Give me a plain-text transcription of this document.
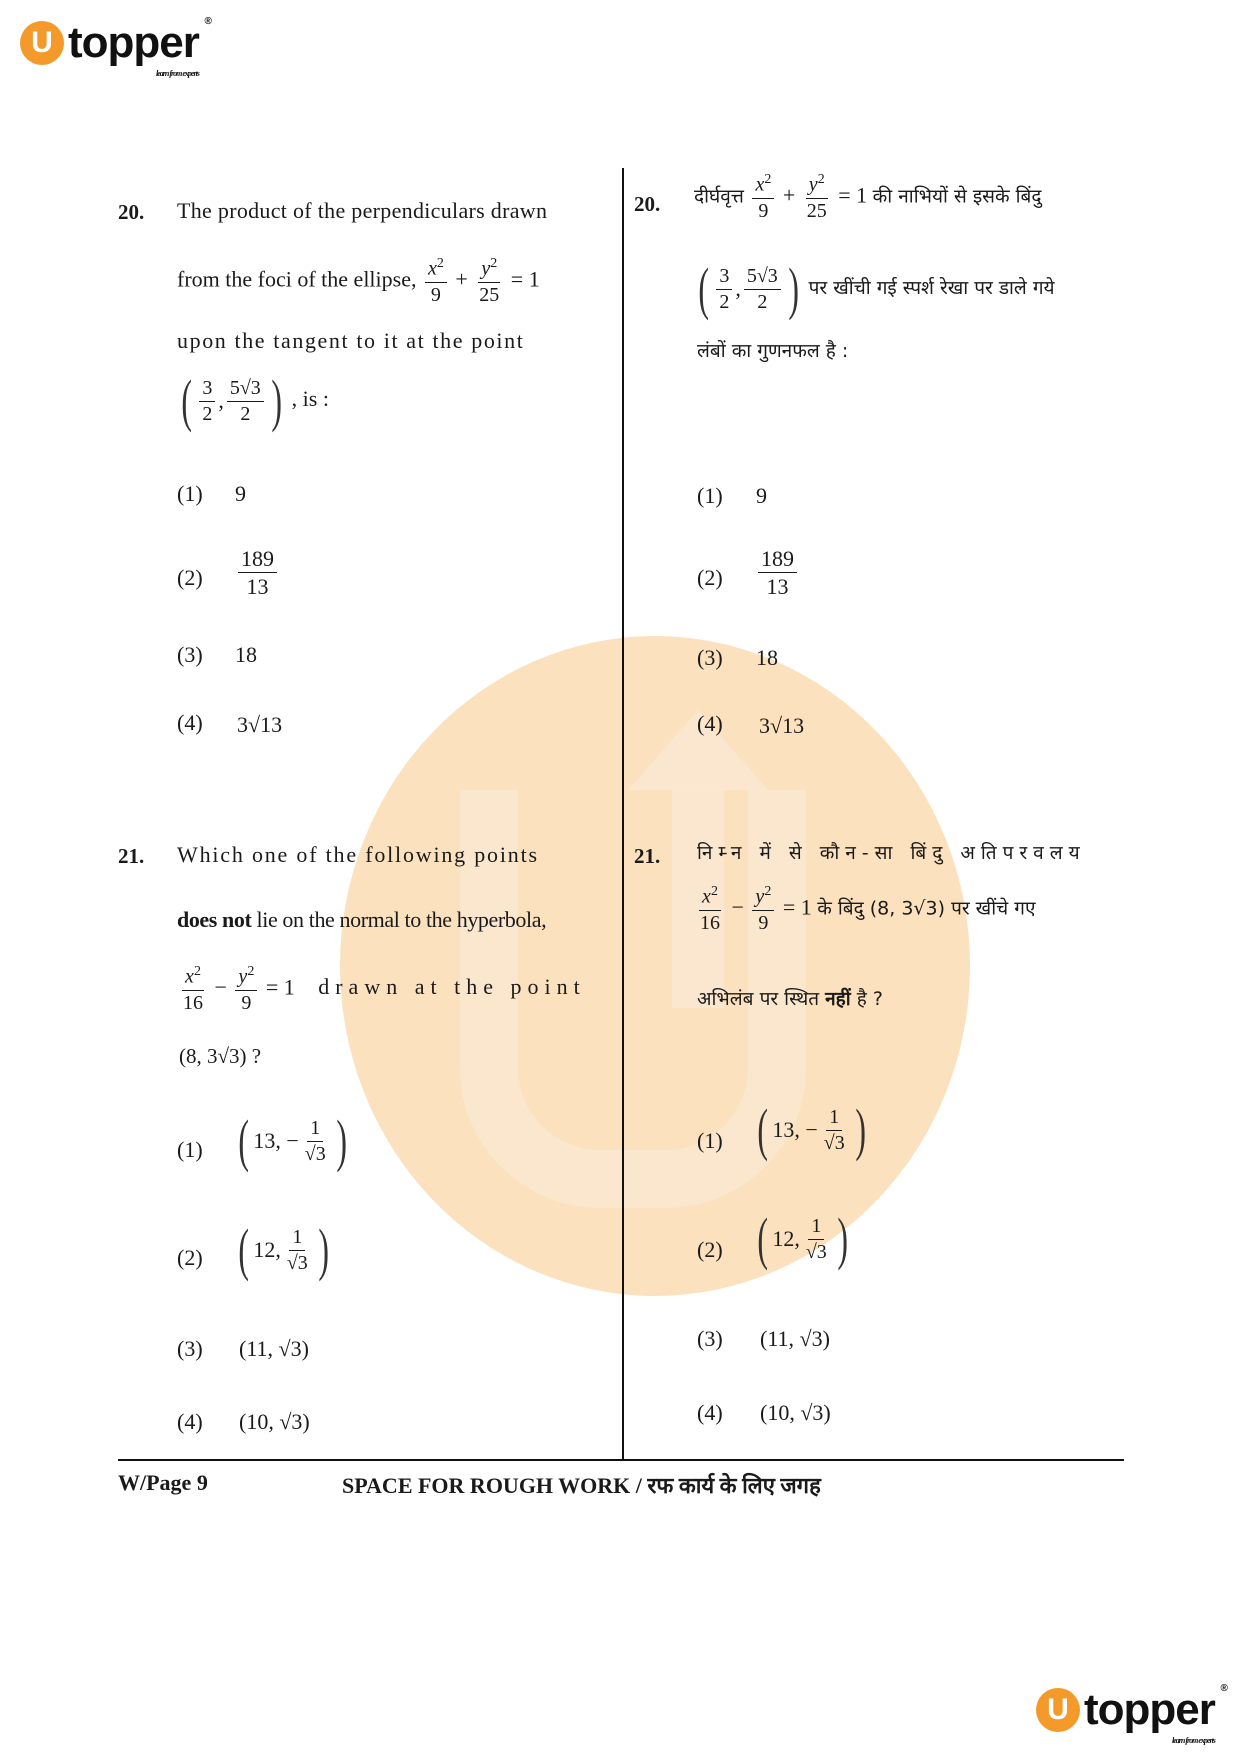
U topper ®
learn from experts
20. The product of the perpendiculars drawn
from the foci of the ellipse, $\frac{x^2}{9} + \frac{y^2}{25} = 1$
upon the tangent to it at the point
( $\frac{3}{2}$ , $\frac{5√3}{2}$ ) , is :
(1) 9
$(2) \frac{189}{13}$
(3) 18
(4) 3√13
20. दीर्घवृत्त $\frac{x^2}{9} + \frac{y^2}{25} = 1$ की नाभियों से इसके बिंदु
( $\frac{3}{2}$ , $\frac{5√3}{2}$ ) पर खींची गई स्पर्श रेखा पर डाले गये
लंबों का गुणनफल है :
(1) 9
$(2) \frac{189}{13}$
(3) 18
(4) 3√13
21. Which one of the following points
does not lie on the normal to the hyperbola,
$\frac{x^2}{16} - \frac{y^2}{9} = 1$ drawn at the point
(8, 3√3) ?
(1) ( 13, − $\frac{1}{√3}$ )
(2) ( 12, $\frac{1}{√3}$ )
(3) (11, √3)
(4) (10, √3)
21. निम्न में से कौन-सा बिंदु अतिपरवलय
$\frac{x^2}{16} - \frac{y^2}{9} = 1$ के बिंदु (8, 3√3) पर खींचे गए
अभिलंब पर स्थित नहीं है ?
(1) ( 13, − $\frac{1}{√3}$ )
(2) ( 12, $\frac{1}{√3}$ )
(3) (11, √3)
(4) (10, √3)
W/Page 9	SPACE FOR ROUGH WORK / रफ कार्य के लिए जगह
U topper ®
learn from experts
